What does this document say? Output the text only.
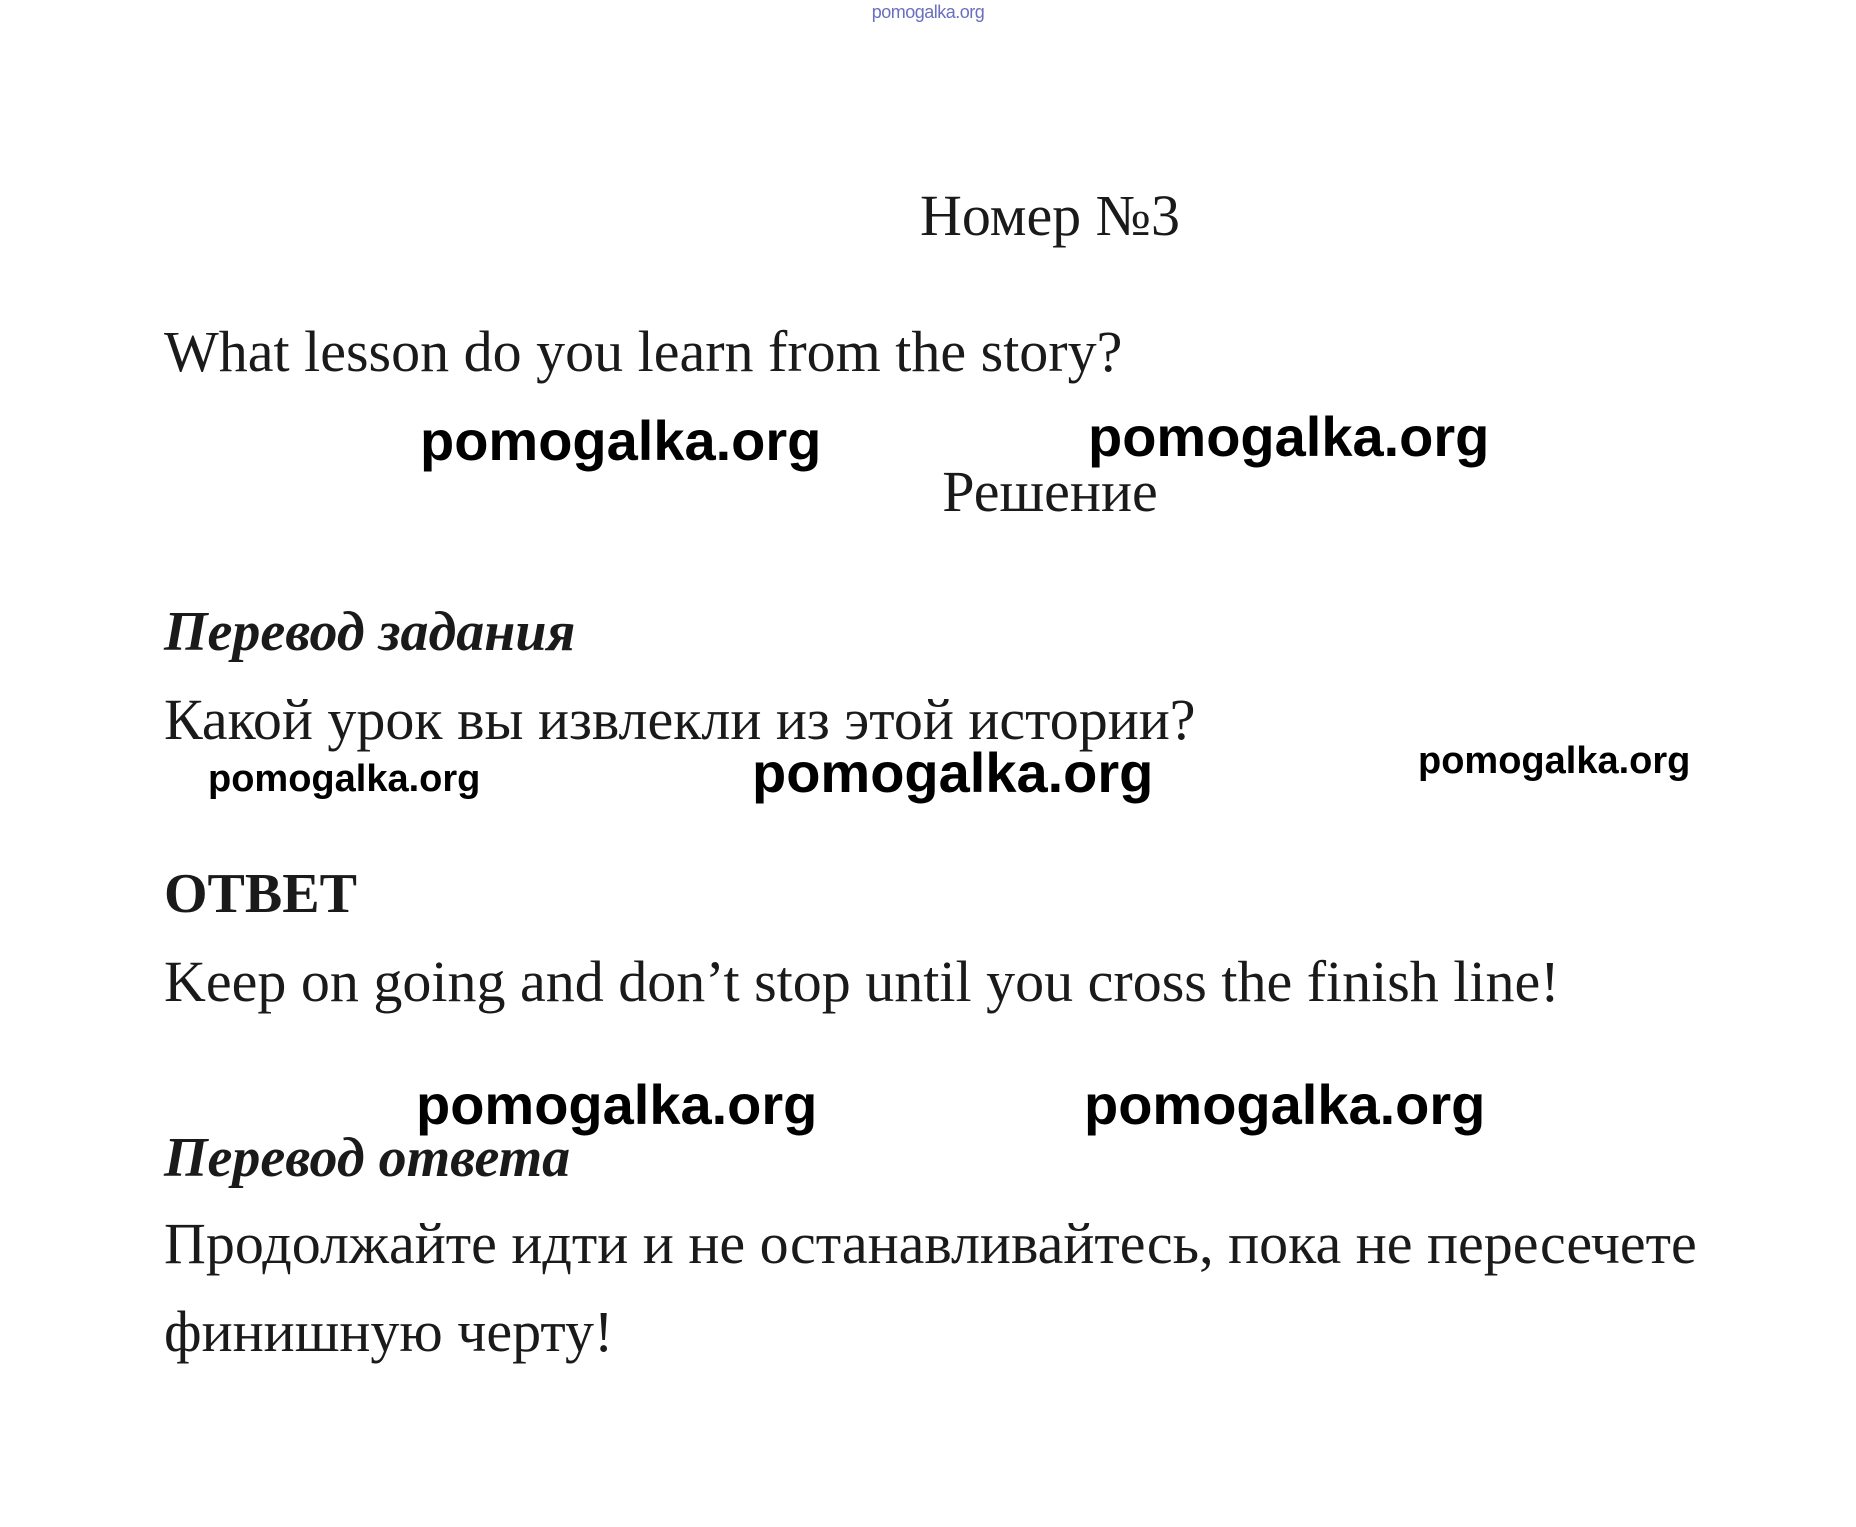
pomogalka.org
Номер №3
What lesson do you learn from the story?
pomogalka.org	pomogalka.org
Решение
Перевод задания
Какой урок вы извлекли из этой истории?
pomogalka.org	pomogalka.org	pomogalka.org
ОТВЕТ
Keep on going and don’t stop until you cross the finish line!
pomogalka.org	pomogalka.org
Перевод ответа
Продолжайте идти и не останавливайтесь, пока не пересечете
финишную черту!
